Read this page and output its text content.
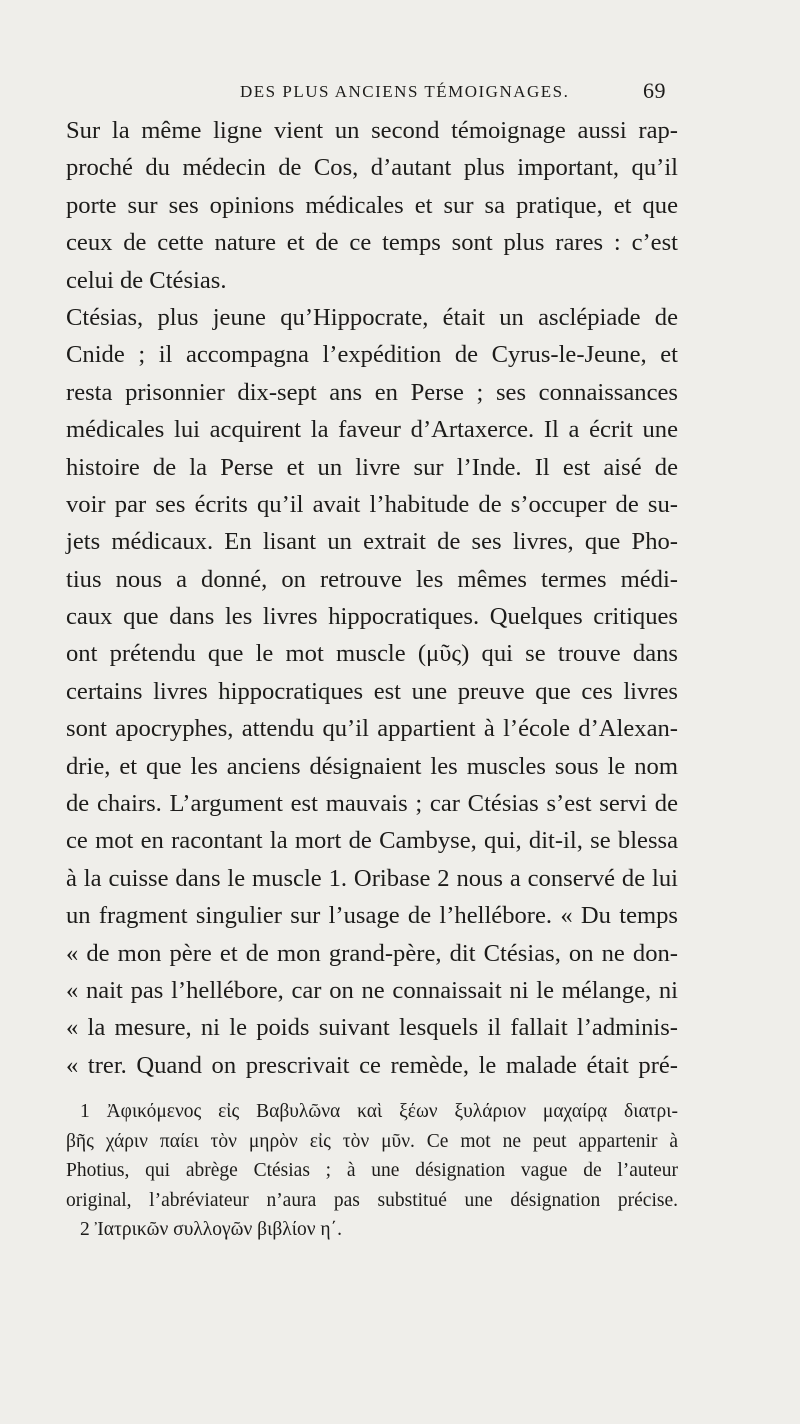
DES PLUS ANCIENS TÉMOIGNAGES.	69
Sur la même ligne vient un second témoignage aussi rap-
proché du médecin de Cos, d’autant plus important, qu’il
porte sur ses opinions médicales et sur sa pratique, et que
ceux de cette nature et de ce temps sont plus rares : c’est
celui de Ctésias.
Ctésias, plus jeune qu’Hippocrate, était un asclépiade de
Cnide ; il accompagna l’expédition de Cyrus-le-Jeune, et
resta prisonnier dix-sept ans en Perse ; ses connaissances
médicales lui acquirent la faveur d’Artaxerce. Il a écrit une
histoire de la Perse et un livre sur l’Inde. Il est aisé de
voir par ses écrits qu’il avait l’habitude de s’occuper de su-
jets médicaux. En lisant un extrait de ses livres, que Pho-
tius nous a donné, on retrouve les mêmes termes médi-
caux que dans les livres hippocratiques. Quelques critiques
ont prétendu que le mot muscle (μῦς) qui se trouve dans
certains livres hippocratiques est une preuve que ces livres
sont apocryphes, attendu qu’il appartient à l’école d’Alexan-
drie, et que les anciens désignaient les muscles sous le nom
de chairs. L’argument est mauvais ; car Ctésias s’est servi de
ce mot en racontant la mort de Cambyse, qui, dit-il, se blessa
à la cuisse dans le muscle 1. Oribase 2 nous a conservé de lui
un fragment singulier sur l’usage de l’hellébore. « Du temps
« de mon père et de mon grand-père, dit Ctésias, on ne don-
« nait pas l’hellébore, car on ne connaissait ni le mélange, ni
« la mesure, ni le poids suivant lesquels il fallait l’adminis-
« trer. Quand on prescrivait ce remède, le malade était pré-
1 Ἀφικόμενος εἰς Βαβυλῶνα καὶ ξέων ξυλάριον μαχαίρᾳ διατρι-
βῆς χάριν παίει τὸν μηρὸν εἰς τὸν μῦν. Ce mot ne peut appartenir à
Photius, qui abrège Ctésias ; à une désignation vague de l’auteur
original, l’abréviateur n’aura pas substitué une désignation précise.
2 Ἰατρικῶν συλλογῶν βιβλίον η΄.
